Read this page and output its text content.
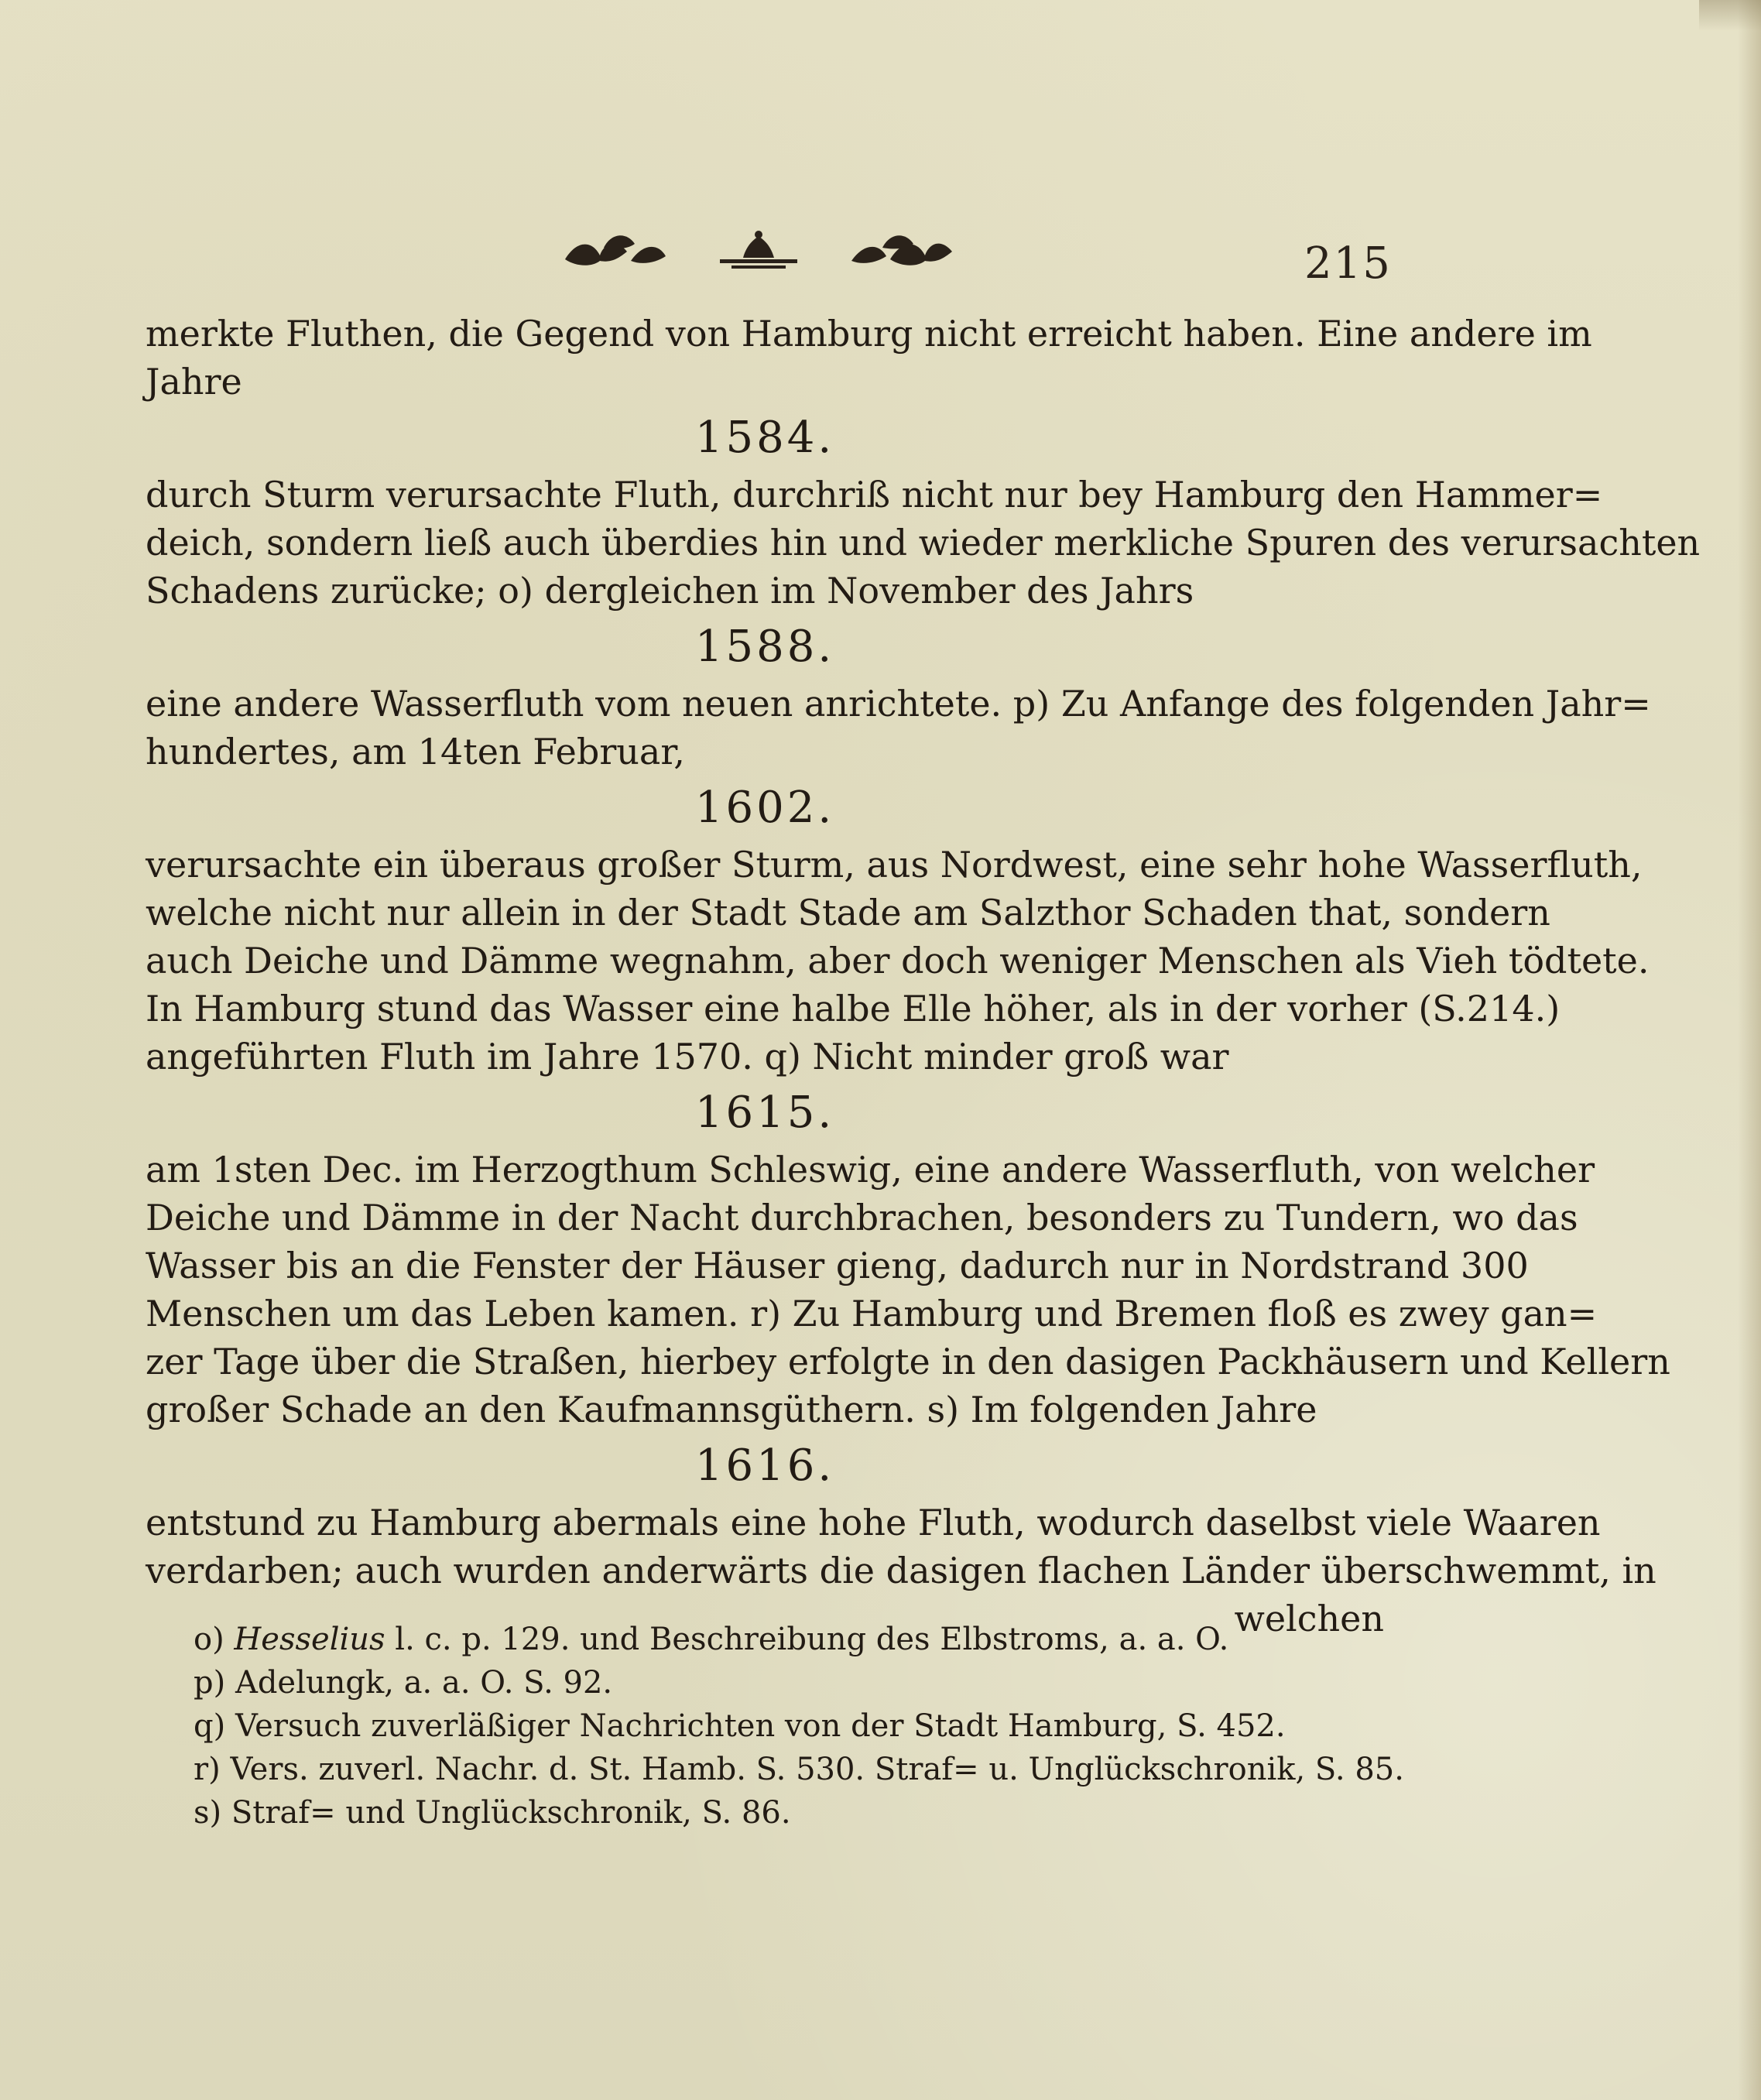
215
merkte Fluthen, die Gegend von Hamburg nicht erreicht haben. Eine andere im
Jahre
1584.
durch Sturm verursachte Fluth, durchriß nicht nur bey Hamburg den Hammer=
deich, sondern ließ auch überdies hin und wieder merkliche Spuren des verursachten
Schadens zurücke; o) dergleichen im November des Jahrs
1588.
eine andere Wasserfluth vom neuen anrichtete. p) Zu Anfange des folgenden Jahr=
hundertes, am 14ten Februar,
1602.
verursachte ein überaus großer Sturm, aus Nordwest, eine sehr hohe Wasserfluth,
welche nicht nur allein in der Stadt Stade am Salzthor Schaden that, sondern
auch Deiche und Dämme wegnahm, aber doch weniger Menschen als Vieh tödtete.
In Hamburg stund das Wasser eine halbe Elle höher, als in der vorher (S.214.)
angeführten Fluth im Jahre 1570. q) Nicht minder groß war
1615.
am 1sten Dec. im Herzogthum Schleswig, eine andere Wasserfluth, von welcher
Deiche und Dämme in der Nacht durchbrachen, besonders zu Tundern, wo das
Wasser bis an die Fenster der Häuser gieng, dadurch nur in Nordstrand 300
Menschen um das Leben kamen. r) Zu Hamburg und Bremen floß es zwey gan=
zer Tage über die Straßen, hierbey erfolgte in den dasigen Packhäusern und Kellern
großer Schade an den Kaufmannsgüthern. s) Im folgenden Jahre
1616.
entstund zu Hamburg abermals eine hohe Fluth, wodurch daselbst viele Waaren
verdarben; auch wurden anderwärts die dasigen flachen Länder überschwemmt, in
welchen
o) Hesselius l. c. p. 129. und Beschreibung des Elbstroms, a. a. O.
p) Adelungk, a. a. O. S. 92.
q) Versuch zuverläßiger Nachrichten von der Stadt Hamburg, S. 452.
r) Vers. zuverl. Nachr. d. St. Hamb. S. 530. Straf= u. Unglückschronik, S. 85.
s) Straf= und Unglückschronik, S. 86.
